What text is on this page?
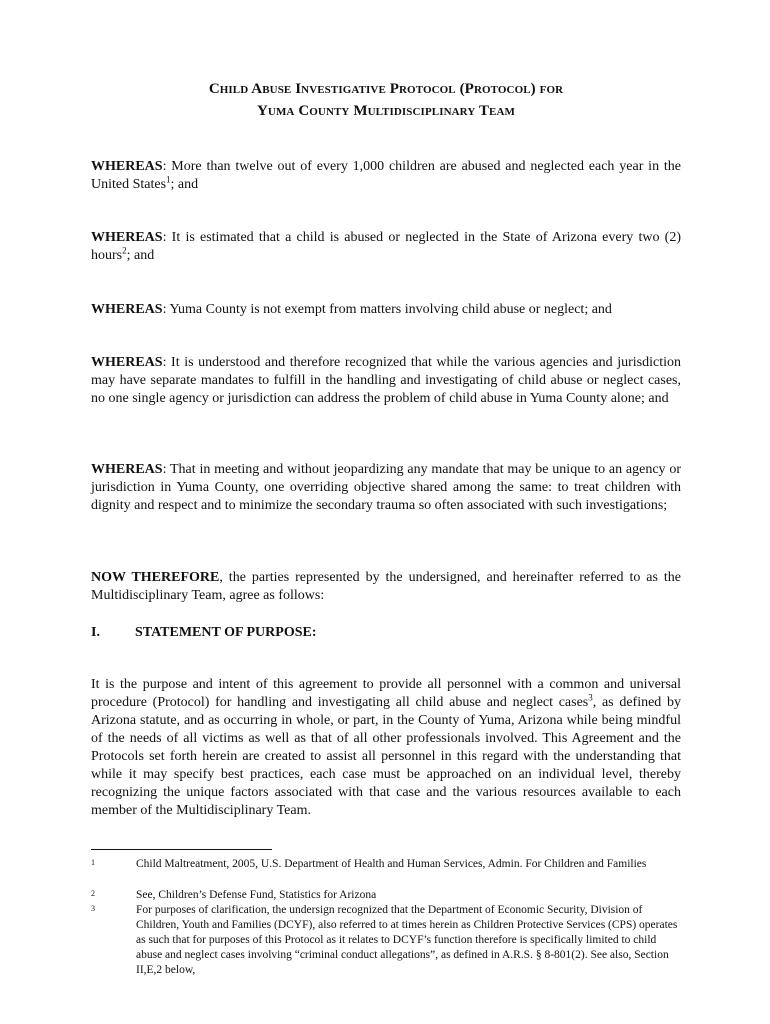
Child Abuse Investigative Protocol (Protocol) for
Yuma County Multidisciplinary Team

WHEREAS: More than twelve out of every 1,000 children are abused and neglected each year in the United States$^1$; and

WHEREAS: It is estimated that a child is abused or neglected in the State of Arizona every two (2) hours$^2$; and

WHEREAS: Yuma County is not exempt from matters involving child abuse or neglect; and

WHEREAS: It is understood and therefore recognized that while the various agencies and jurisdiction may have separate mandates to fulfill in the handling and investigating of child abuse or neglect cases, no one single agency or jurisdiction can address the problem of child abuse in Yuma County alone; and

WHEREAS: That in meeting and without jeopardizing any mandate that may be unique to an agency or jurisdiction in Yuma County, one overriding objective shared among the same: to treat children with dignity and respect and to minimize the secondary trauma so often associated with such investigations;

NOW THEREFORE, the parties represented by the undersigned, and hereinafter referred to as the Multidisciplinary Team, agree as follows:

I.	STATEMENT OF PURPOSE:

It is the purpose and intent of this agreement to provide all personnel with a common and universal procedure (Protocol) for handling and investigating all child abuse and neglect cases$^3$, as defined by Arizona statute, and as occurring in whole, or part, in the County of Yuma, Arizona while being mindful of the needs of all victims as well as that of all other professionals involved. This Agreement and the Protocols set forth herein are created to assist all personnel in this regard with the understanding that while it may specify best practices, each case must be approached on an individual level, thereby recognizing the unique factors associated with that case and the various resources available to each member of the Multidisciplinary Team.

1	Child Maltreatment, 2005, U.S. Department of Health and Human Services, Admin. For Children and Families
2	See, Children’s Defense Fund, Statistics for Arizona
3	For purposes of clarification, the undersign recognized that the Department of Economic Security, Division of Children, Youth and Families (DCYF), also referred to at times herein as Children Protective Services (CPS) operates as such that for purposes of this Protocol as it relates to DCYF’s function therefore is specifically limited to child abuse and neglect cases involving “criminal conduct allegations”, as defined in A.R.S. § 8-801(2). See also, Section II,E,2 below,
